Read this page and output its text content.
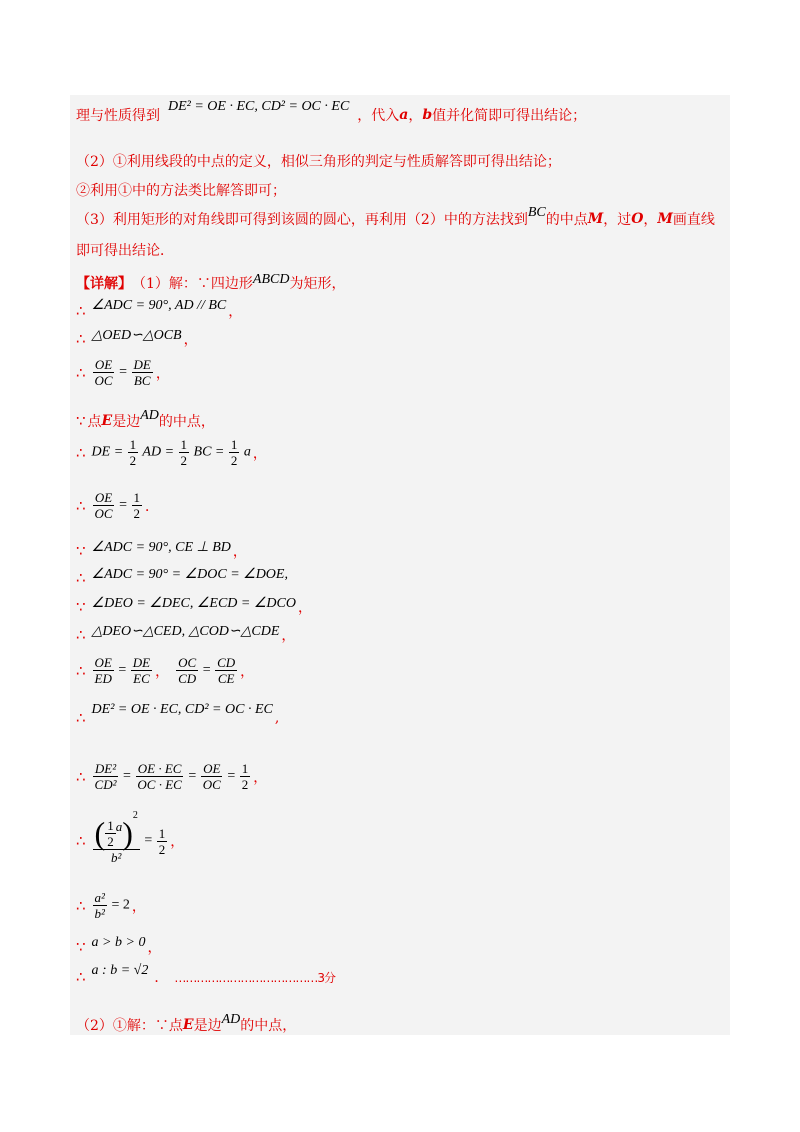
理与性质得到
DE² = OE · EC, CD² = OC · EC
，代入 a ， b 值并化简即可得出结论；
（2）①利用线段的中点的定义，相似三角形的判定与性质解答即可得出结论；
②利用①中的方法类比解答即可；
（3）利用矩形的对角线即可得到该圆的圆心，再利用（2）中的方法找到 BC 的中点 M ，过 O ， M 画直线
即可得出结论．
【详解】 （1）解：∵四边形 ABCD 为矩形，
∴ ∠ADC = 90°, AD // BC ，
∴ △OED∽△OCB ，
∴ $\frac{OE}{OC} = \frac{DE}{BC}$ ，
∵ 点 E 是边 AD 的中点，
∴ DE = $\frac{1}{2}$ AD = $\frac{1}{2}$ BC = $\frac{1}{2}$ a ，
∴ $\frac{OE}{OC} = \frac{1}{2}$ ．
∵ ∠ADC = 90°, CE ⊥ BD ，
∴ ∠ADC = 90° = ∠DOC = ∠DOE,
∵ ∠DEO = ∠DEC, ∠ECD = ∠DCO ，
∴ △DEO∽△CED, △COD∽△CDE ，
∴ $\frac{OE}{ED} = \frac{DE}{EC}$ ， $\frac{OC}{CD} = \frac{CD}{CE}$ ，
∴ DE² = OE · EC, CD² = OC · EC
,
∴ $\frac{\text{DE²}}{\text{CD²}} = \frac{OE \cdot EC}{OC \cdot EC} = \frac{OE}{OC} = \frac{1}{2}$ ，
∴ $\frac{( \frac{1}{2} a ) 2}{\text{b²}} = \frac{1}{2}$ ，
∴ $\frac{\text{a²}}{\text{b²}} = 2$ ，
∵ a > b > 0 ，
∴ a : b = √2 ． …………………………………3分
（2）①解：∵点 E 是边 AD 的中点，
